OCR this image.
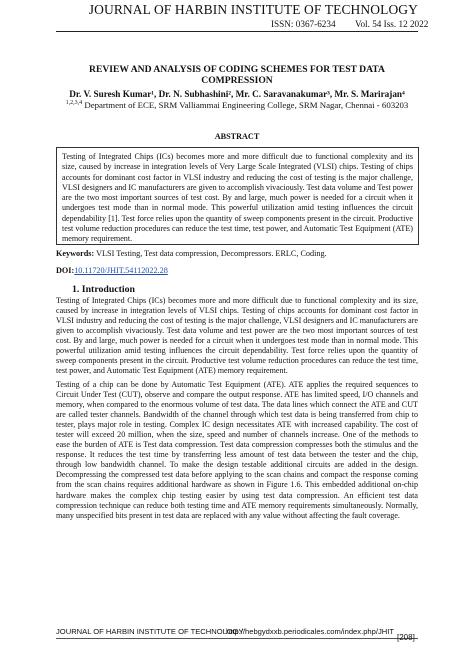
JOURNAL OF HARBIN INSTITUTE OF TECHNOLOGY
ISSN: 0367-6234 Vol. 54 Iss. 12 2022
REVIEW AND ANALYSIS OF CODING SCHEMES FOR TEST DATA COMPRESSION
Dr. V. Suresh Kumar¹, Dr. N. Subhashini², Mr. C. Saravanakumar³, Mr. S. Marirajan⁴
$^{1,2,3,4}$ Department of ECE, SRM Valliammai Engineering College, SRM Nagar, Chennai - 603203
ABSTRACT
Testing of Integrated Chips (ICs) becomes more and more difficult due to functional complexity and its size, caused by increase in integration levels of Very Large Scale Integrated (VLSI) chips. Testing of chips accounts for dominant cost factor in VLSI industry and reducing the cost of testing is the major challenge, VLSI designers and IC manufacturers are given to accomplish vivaciously. Test data volume and Test power are the two most important sources of test cost. By and large, much power is needed for a circuit when it undergoes test mode than in normal mode. This powerful utilization amid testing influences the circuit dependability [1]. Test force relies upon the quantity of sweep components present in the circuit. Productive test volume reduction procedures can reduce the test time, test power, and Automatic Test Equipment (ATE) memory requirement.
Keywords: VLSI Testing, Test data compression, Decompressors. ERLC, Coding.
DOI:10.11720/JHIT.54112022.28
1. Introduction
Testing of Integrated Chips (ICs) becomes more and more difficult due to functional complexity and its size, caused by increase in integration levels of VLSI chips. Testing of chips accounts for dominant cost factor in VLSI industry and reducing the cost of testing is the major challenge, VLSI designers and IC manufacturers are given to accomplish vivaciously. Test data volume and test power are the two most important sources of test cost. By and large, much power is needed for a circuit when it undergoes test mode than in normal mode. This powerful utilization amid testing influences the circuit dependability. Test force relies upon the quantity of sweep components present in the circuit. Productive test volume reduction procedures can reduce the test time, test power, and Automatic Test Equipment (ATE) memory requirement.
Testing of a chip can be done by Automatic Test Equipment (ATE). ATE applies the required sequences to Circuit Under Test (CUT), observe and compare the output response. ATE has limited speed, I/O channels and memory, when compared to the enormous volume of test data. The data lines which connect the ATE and CUT are called tester channels. Bandwidth of the channel through which test data is being transferred from chip to tester, plays major role in testing. Complex IC design necessitates ATE with increased capability. The cost of tester will exceed 20 million, when the size, speed and number of channels increase. One of the methods to ease the burden of ATE is Test data compression. Test data compression compresses both the stimulus and the response. It reduces the test time by transferring less amount of test data between the tester and the chip, through low bandwidth channel. To make the design testable additional circuits are added in the design. Decompressing the compressed test data before applying to the scan chains and compact the response coming from the scan chains requires additional hardware as shown in Figure 1.6. This embedded additional on-chip hardware makes the complex chip testing easier by using test data compression. An efficient test data compression technique can reduce both testing time and ATE memory requirements simultaneously. Normally, many unspecified bits present in test data are replaced with any value without affecting the fault coverage.
JOURNAL OF HARBIN INSTITUTE OF TECHNOLOGY
http://hebgydxxb.periodicales.com/index.php/JHIT
[208]
